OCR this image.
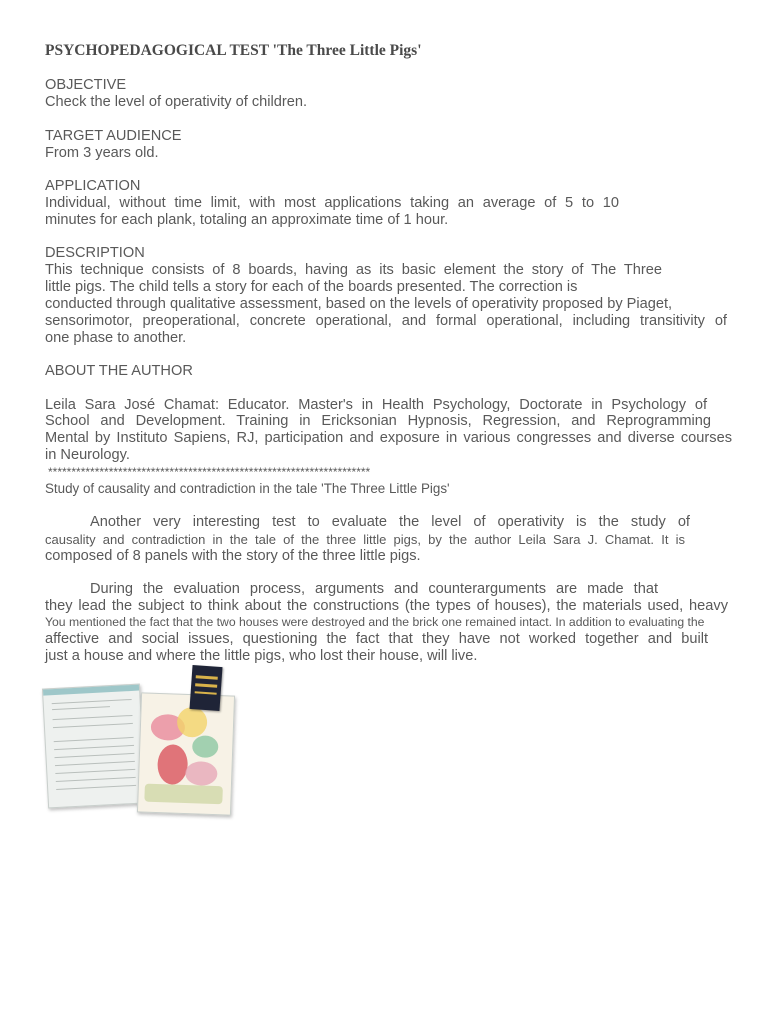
PSYCHOPEDAGOGICAL TEST 'The Three Little Pigs'
OBJECTIVE
Check the level of operativity of children.
TARGET AUDIENCE
From 3 years old.
APPLICATION
Individual, without time limit, with most applications taking an average of 5 to 10
minutes for each plank, totaling an approximate time of 1 hour.
DESCRIPTION
This technique consists of 8 boards, having as its basic element the story of The Three
little pigs. The child tells a story for each of the boards presented. The correction is
conducted through qualitative assessment, based on the levels of operativity proposed by Piaget,
sensorimotor, preoperational, concrete operational, and formal operational, including transitivity of
one phase to another.
ABOUT THE AUTHOR
Leila Sara José Chamat: Educator. Master's in Health Psychology, Doctorate in Psychology of
School and Development. Training in Ericksonian Hypnosis, Regression, and Reprogramming
Mental by Instituto Sapiens, RJ, participation and exposure in various congresses and diverse courses
in Neurology.
*********************************************************************
Study of causality and contradiction in the tale 'The Three Little Pigs'
Another very interesting test to evaluate the level of operativity is the study of
causality and contradiction in the tale of the three little pigs, by the author Leila Sara J. Chamat. It is
composed of 8 panels with the story of the three little pigs.
During the evaluation process, arguments and counterarguments are made that
they lead the subject to think about the constructions (the types of houses), the materials used, heavy
You mentioned the fact that the two houses were destroyed and the brick one remained intact. In addition to evaluating the
affective and social issues, questioning the fact that they have not worked together and built
just a house and where the little pigs, who lost their house, will live.
